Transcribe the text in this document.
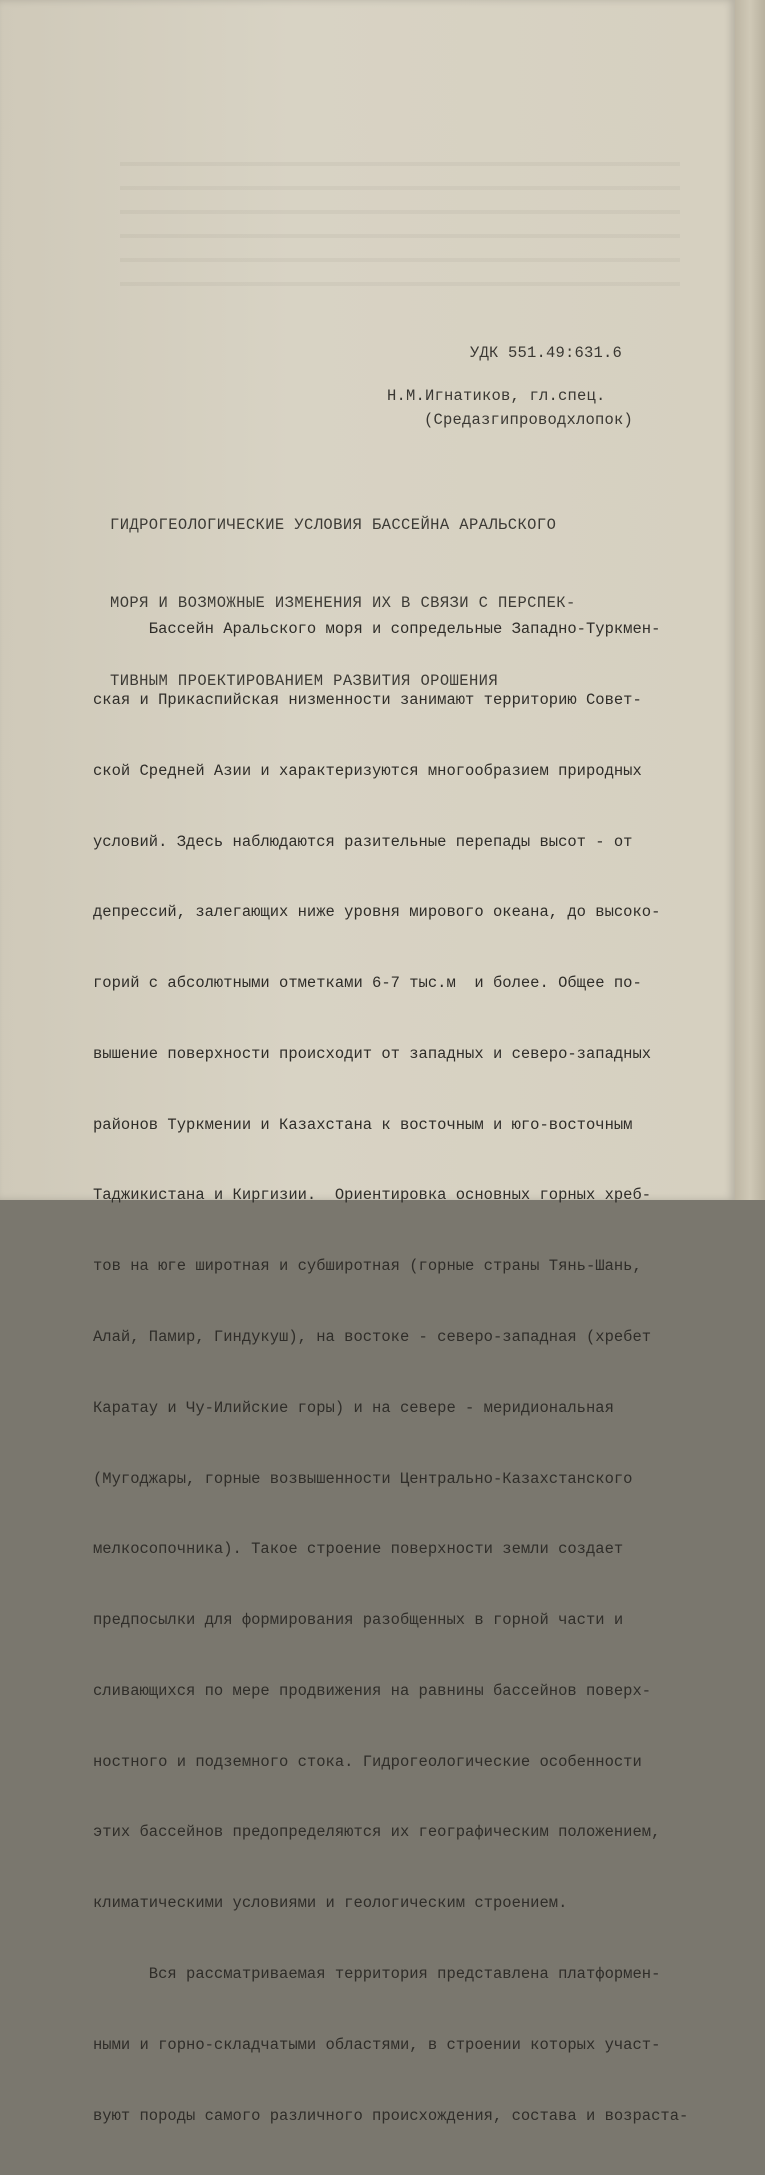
УДК 551.49:631.6
Н.М.Игнатиков, гл.спец.
(Средазгипроводхлопок)

ГИДРОГЕОЛОГИЧЕСКИЕ УСЛОВИЯ БАССЕЙНА АРАЛЬСКОГО

МОРЯ И ВОЗМОЖНЫЕ ИЗМЕНЕНИЯ ИХ В СВЯЗИ С ПЕРСПЕК-

ТИВНЫМ ПРОЕКТИРОВАНИЕМ РАЗВИТИЯ ОРОШЕНИЯ

Бассейн Аральского моря и сопредельные Западно-Туркмен-

ская и Прикаспийская низменности занимают территорию Совет-

ской Средней Азии и характеризуются многообразием природных

условий. Здесь наблюдаются разительные перепады высот - от

депрессий, залегающих ниже уровня мирового океана, до высоко-

горий с абсолютными отметками 6-7 тыс.м  и более. Общее по-

вышение поверхности происходит от западных и северо-западных

районов Туркмении и Казахстана к восточным и юго-восточным

Таджикистана и Киргизии.  Ориентировка основных горных хреб-

тов на юге широтная и субширотная (горные страны Тянь-Шань,

Алай, Памир, Гиндукуш), на востоке - северо-западная (хребет

Каратау и Чу-Илийские горы) и на севере - меридиональная

(Мугоджары, горные возвышенности Центрально-Казахстанского

мелкосопочника). Такое строение поверхности земли создает

предпосылки для формирования разобщенных в горной части и

сливающихся по мере продвижения на равнины бассейнов поверх-

ностного и подземного стока. Гидрогеологические особенности

этих бассейнов предопределяются их географическим положением,

климатическими условиями и геологическим строением.

Вся рассматриваемая территория представлена платформен-

ными и горно-складчатыми областями, в строении которых участ-

вуют породы самого различного происхождения, состава и возраста-
